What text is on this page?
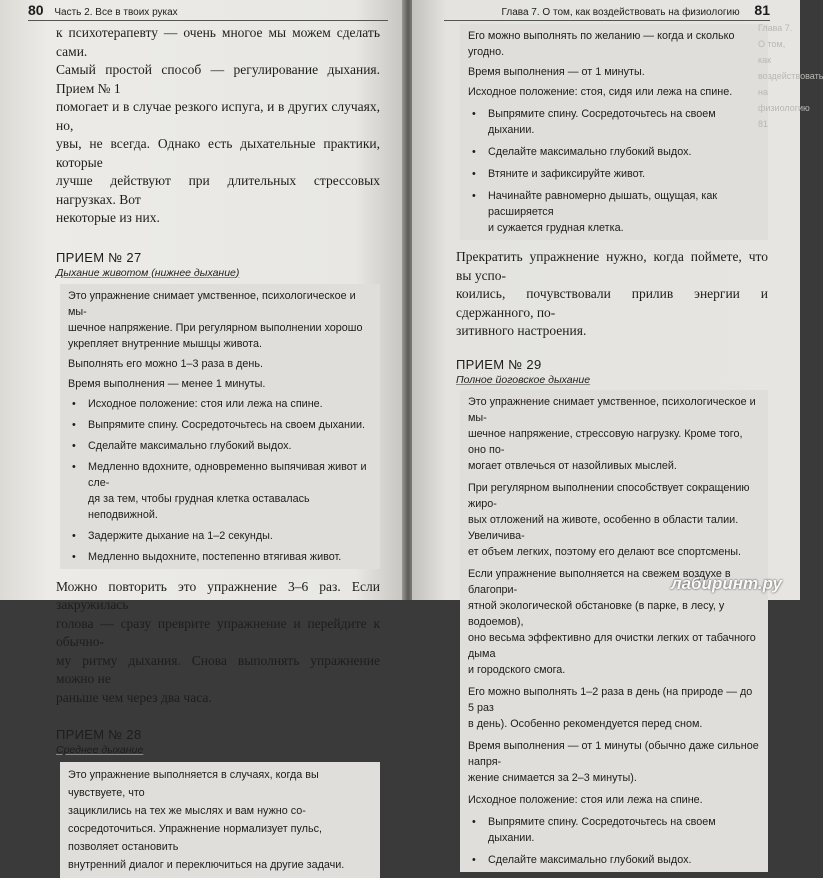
80 Часть 2. Все в твоих руках

к психотерапевту — очень многое мы можем сделать сами.
Самый простой способ — регулирование дыхания. Прием № 1
помогает и в случае резкого испуга, и в других случаях, но,
увы, не всегда. Однако есть дыхательные практики, которые
лучше действуют при длительных стрессовых нагрузках. Вот
некоторые из них.

ПРИЕМ № 27

Дыхание животом (нижнее дыхание)

Это упражнение снимает умственное, психологическое и мы-
шечное напряжение. При регулярном выполнении хорошо
укрепляет внутренние мышцы живота.

Выполнять его можно 1–3 раза в день.

Время выполнения — менее 1 минуты.

• Исходное положение: стоя или лежа на спине.
• Выпрямите спину. Сосредоточьтесь на своем дыхании.
• Сделайте максимально глубокий выдох.
• Медленно вдохните, одновременно выпячивая живот и сле-
дя за тем, чтобы грудная клетка оставалась неподвижной.
• Задержите дыхание на 1–2 секунды.
• Медленно выдохните, постепенно втягивая живот.

Можно повторить это упражнение 3–6 раз. Если закружилась
голова — сразу преврите упражнение и перейдите к обычно-
му ритму дыхания. Снова выполнять упражнение можно не
раньше чем через два часа.

ПРИЕМ № 28

Среднее дыхание

Это упражнение выполняется в случаях, когда вы чувствуете, что
зациклились на тех же мыслях и вам нужно со-
сосредоточиться. Упражнение нормализует пульс, позволяет остановить
внутренний диалог и переключиться на другие задачи.

Глава 7. О том, как воздействовать на физиологию 81

Его можно выполнять по желанию — когда и сколько угодно.

Время выполнения — от 1 минуты.

Исходное положение: стоя, сидя или лежа на спине.

• Выпрямите спину. Сосредоточьтесь на своем дыхании.
• Сделайте максимально глубокий выдох.
• Втяните и зафиксируйте живот.
• Начинайте равномерно дышать, ощущая, как расширяется
и сужается грудная клетка.

Прекратить упражнение нужно, когда поймете, что вы успо-
коились, почувствовали прилив энергии и сдержанного, по-
зитивного настроения.

ПРИЕМ № 29

Полное йоговское дыхание

Это упражнение снимает умственное, психологическое и мы-
шечное напряжение, стрессовую нагрузку. Кроме того, оно по-
могает отвлечься от назойливых мыслей.

При регулярном выполнении способствует сокращению жиро-
вых отложений на животе, особенно в области талии. Увеличива-
ет объем легких, поэтому его делают все спортсмены.

Если упражнение выполняется на свежем воздухе в благопри-
ятной экологической обстановке (в парке, в лесу, у водоемов),
оно весьма эффективно для очистки легких от табачного дыма
и городского смога.

Его можно выполнять 1–2 раза в день (на природе — до 5 раз
в день). Особенно рекомендуется перед сном.

Время выполнения — от 1 минуты (обычно даже сильное напря-
жение снимается за 2–3 минуты).

Исходное положение: стоя или лежа на спине.

• Выпрямите спину. Сосредоточьтесь на своем дыхании.
• Сделайте максимально глубокий выдох.
лабиринт.ру
Глава 7. О том, как воздействовать на физиологию 81
